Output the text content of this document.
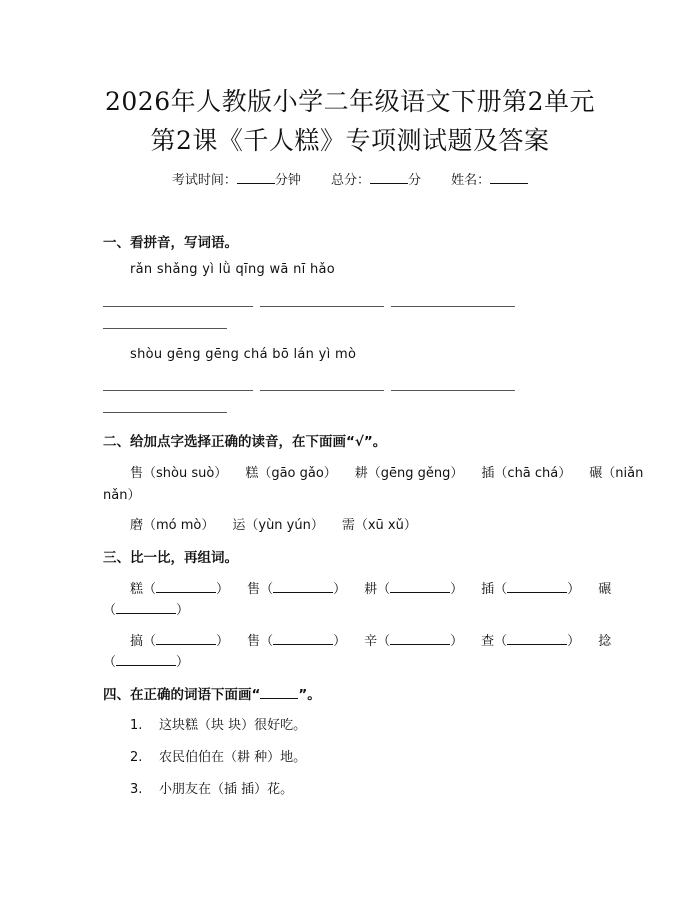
2026年人教版小学二年级语文下册第2单元
第2课《千人糕》专项测试题及答案
考试时间：	分钟 总分：	分 姓名：
一、看拼音，写词语。
rǎn shǎng yì lǜ qīng wā nī hǎo
shòu gēng gēng chá bō lán yì mò
二、给加点字选择正确的读音，在下面画“√”。
售（shòu suò） 糕（gāo gǎo） 耕（gēng gěng） 插（chā chá） 碾（niǎn
nǎn）
磨（mó mò） 运（yùn yún） 需（xū xǔ）
三、比一比，再组词。
糕（	） 售（	） 耕（	） 插（	） 碾
（	）
搞（	） 售（	） 辛（	） 查（	） 捻
（	）
四、在正确的词语下面画“	”。
1. 这块糕（块 块）很好吃。
2. 农民伯伯在（耕 种）地。
3. 小朋友在（插 插）花。
